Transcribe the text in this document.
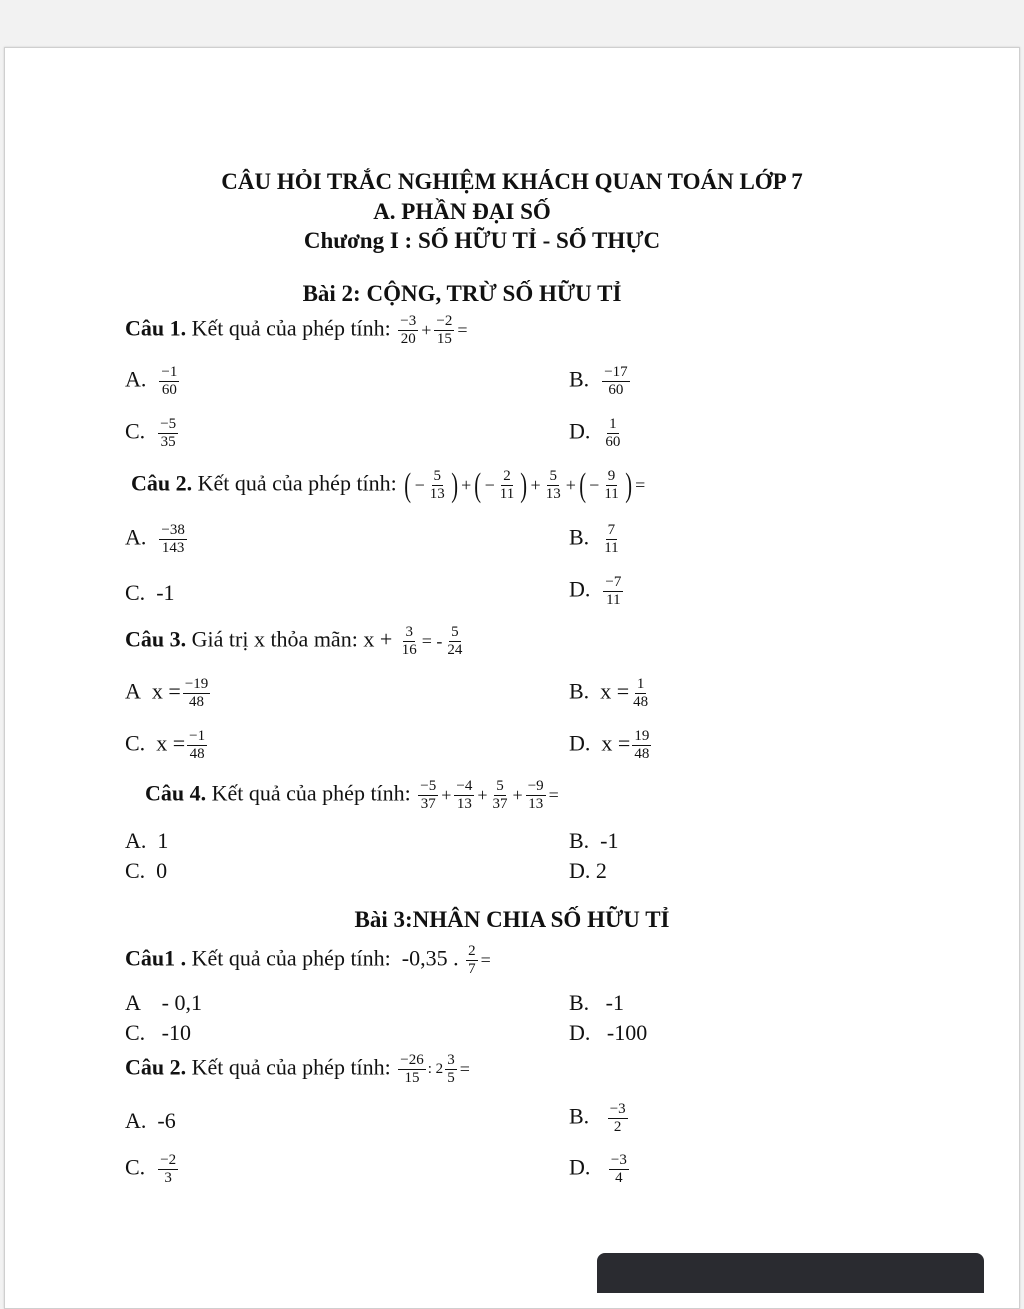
CÂU HỎI TRẮC NGHIỆM KHÁCH QUAN TOÁN LỚP 7
A. PHẦN ĐẠI SỐ
Chương I : SỐ HỮU TỈ - SỐ THỰC
Bài 2: CỘNG, TRỪ SỐ HỮU TỈ
Câu 1. Kết quả của phép tính: $\frac{-3}{20} + \frac{-2}{15}$ =
A. $\frac{-1}{60}$	B. $\frac{-17}{60}$
C. $\frac{-5}{35}$	D. $\frac{1}{60}$
Câu 2. Kết quả của phép tính: ( − $\frac{5}{13}$ ) +( − $\frac{2}{11}$ ) + $\frac{5}{13}$ +( − $\frac{9}{11}$ ) =
A. $\frac{-38}{143}$	B. $\frac{7}{11}$
C. -1	D. $\frac{-7}{11}$
Câu 3. Giá trị x thỏa mãn: $x + \frac{3}{16}$ = - $\frac{5}{24}$
A $x = \frac{-19}{48}$	B. $x = \frac{1}{48}$
C. $x = \frac{-1}{48}$	D. $x = \frac{19}{48}$
Câu 4. Kết quả của phép tính: $\frac{-5}{37} + \frac{-4}{13} + \frac{5}{37} + \frac{-9}{13}$ =
A.  1	B.  -1
C.  0	D. 2
Bài 3:NHÂN CHIA SỐ HỮU TỈ
Câu1 . Kết quả của phép tính: -0,35 . $\frac{2}{7}$ =
A    - 0,1	B.   -1
C.   -10	D.   -100
Câu 2. Kết quả của phép tính: $\frac{-26}{15}$ : $2 \frac{3}{5}$ =
A. -6	B. $\frac{-3}{2}$
C. $\frac{-2}{3}$	D. $\frac{-3}{4}$
